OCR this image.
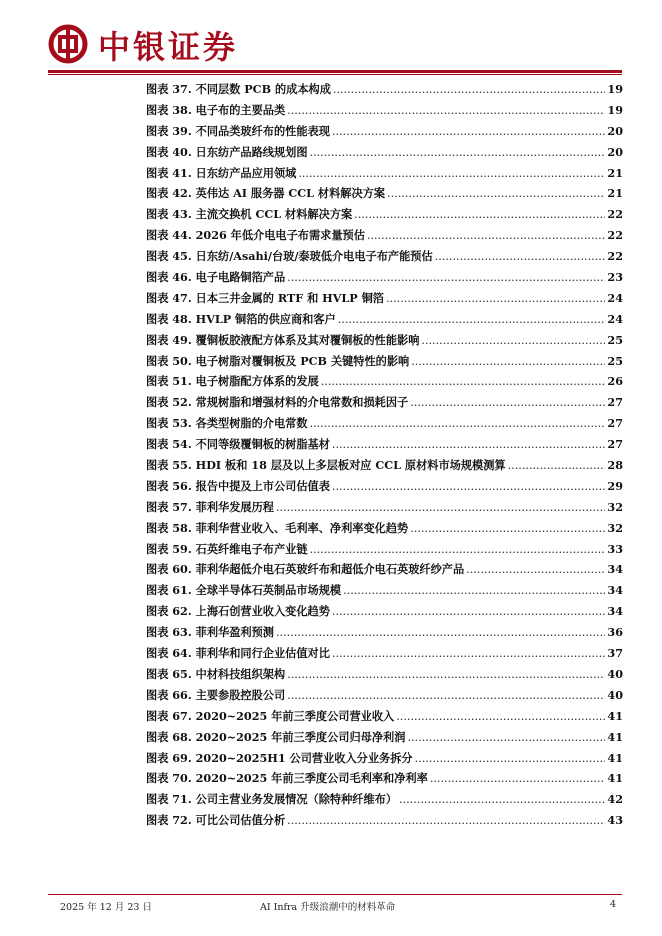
中银证券
图表 37. 不同层数 PCB 的成本构成 .....	19
图表 38. 电子布的主要品类 .....	19
图表 39. 不同品类玻纤布的性能表现 .....	20
图表 40. 日东纺产品路线规划图 .....	20
图表 41. 日东纺产品应用领域 .....	21
图表 42. 英伟达 AI 服务器 CCL 材料解决方案 .....	21
图表 43. 主流交换机 CCL 材料解决方案 .....	22
图表 44. 2026 年低介电电子布需求量预估 .....	22
图表 45. 日东纺/Asahi/台玻/泰玻低介电电子布产能预估 .....	22
图表 46. 电子电路铜箔产品 .....	23
图表 47. 日本三井金属的 RTF 和 HVLP 铜箔 .....	24
图表 48. HVLP 铜箔的供应商和客户 .....	24
图表 49. 覆铜板胶液配方体系及其对覆铜板的性能影响 .....	25
图表 50. 电子树脂对覆铜板及 PCB 关键特性的影响 .....	25
图表 51. 电子树脂配方体系的发展 .....	26
图表 52. 常规树脂和增强材料的介电常数和损耗因子 .....	27
图表 53. 各类型树脂的介电常数 .....	27
图表 54. 不同等级覆铜板的树脂基材 .....	27
图表 55. HDI 板和 18 层及以上多层板对应 CCL 原材料市场规模测算 .....	28
图表 56. 报告中提及上市公司估值表 .....	29
图表 57. 菲利华发展历程 .....	32
图表 58. 菲利华营业收入、毛利率、净利率变化趋势 .....	32
图表 59. 石英纤维电子布产业链 .....	33
图表 60. 菲利华超低介电石英玻纤布和超低介电石英玻纤纱产品 .....	34
图表 61. 全球半导体石英制品市场规模 .....	34
图表 62. 上海石创营业收入变化趋势 .....	34
图表 63. 菲利华盈利预测 .....	36
图表 64. 菲利华和同行企业估值对比 .....	37
图表 65. 中材科技组织架构 .....	40
图表 66. 主要参股控股公司 .....	40
图表 67. 2020~2025 年前三季度公司营业收入 .....	41
图表 68. 2020~2025 年前三季度公司归母净利润 .....	41
图表 69. 2020~2025H1 公司营业收入分业务拆分 .....	41
图表 70. 2020~2025 年前三季度公司毛利率和净利率 .....	41
图表 71. 公司主营业务发展情况（除特种纤维布） .....	42
图表 72. 可比公司估值分析 .....	43
2025 年 12 月 23 日	AI Infra 升级浪潮中的材料革命	4
